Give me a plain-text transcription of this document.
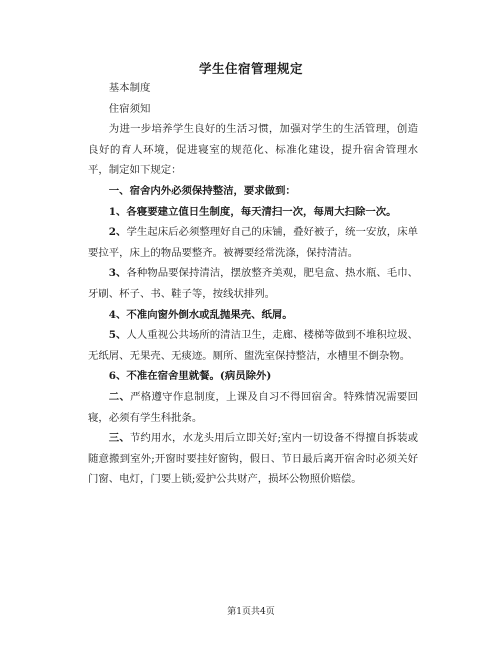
学生住宿管理规定

基本制度

住宿须知

为进一步培养学生良好的生活习惯，加强对学生的生活管理，创造良好的育人环境，促进寝室的规范化、标准化建设，提升宿舍管理水平，制定如下规定：

一、宿舍内外必须保持整洁，要求做到：

1、各寝要建立值日生制度，每天清扫一次，每周大扫除一次。

2、学生起床后必须整理好自己的床铺，叠好被子，统一安放，床单要拉平，床上的物品要整齐。被褥要经常洗涤，保持清洁。

3、各种物品要保持清洁，摆放整齐美观，肥皂盒、热水瓶、毛巾、牙刷、杯子、书、鞋子等，按线状排列。

4、不准向窗外倒水或乱抛果壳、纸屑。

5、人人重视公共场所的清洁卫生，走廊、楼梯等做到不堆积垃圾、无纸屑、无果壳、无痰迹。厕所、盥洗室保持整洁，水槽里不倒杂物。

6、不准在宿舍里就餐。(病员除外)

二、严格遵守作息制度，上课及自习不得回宿舍。特殊情况需要回寝，必须有学生科批条。

三、节约用水，水龙头用后立即关好;室内一切设备不得擅自拆装或随意搬到室外;开窗时要挂好窗钩，假日、节日最后离开宿舍时必须关好门窗、电灯，门要上锁;爱护公共财产，损坏公物照价赔偿。

第1页共4页
